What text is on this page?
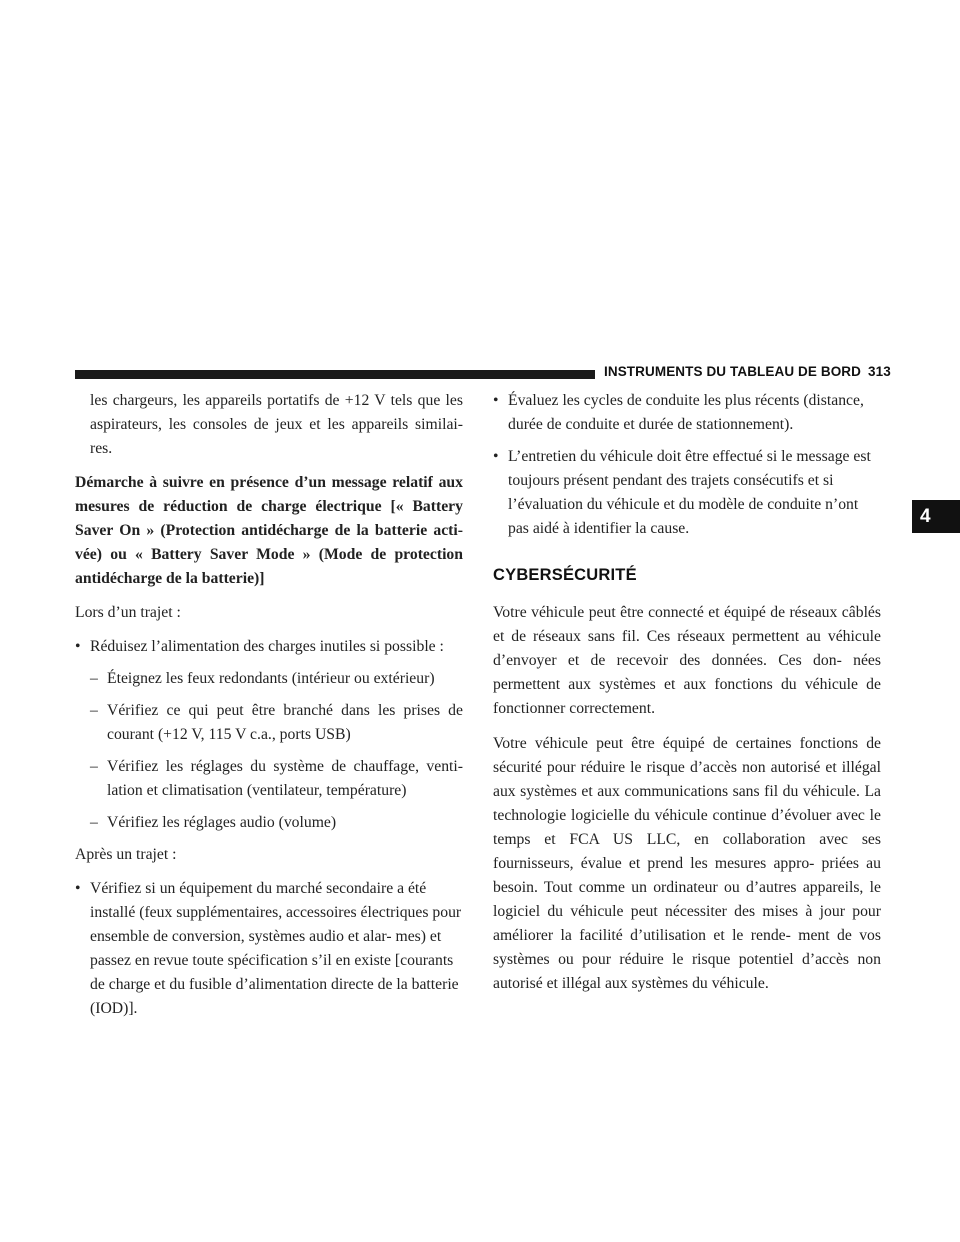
INSTRUMENTS DU TABLEAU DE BORD 313
4

les chargeurs, les appareils portatifs de +12 V tels que les aspirateurs, les consoles de jeux et les appareils similai- res.

Démarche à suivre en présence d’un message relatif aux mesures de réduction de charge électrique [« Battery Saver On » (Protection antidécharge de la batterie acti- vée) ou « Battery Saver Mode » (Mode de protection antidécharge de la batterie)]

Lors d’un trajet :

• Réduisez l’alimentation des charges inutiles si possible :

– Éteignez les feux redondants (intérieur ou extérieur)

– Vérifiez ce qui peut être branché dans les prises de courant (+12 V, 115 V c.a., ports USB)

– Vérifiez les réglages du système de chauffage, venti- lation et climatisation (ventilateur, température)

– Vérifiez les réglages audio (volume)

Après un trajet :

• Vérifiez si un équipement du marché secondaire a été installé (feux supplémentaires, accessoires électriques pour ensemble de conversion, systèmes audio et alar- mes) et passez en revue toute spécification s’il en existe [courants de charge et du fusible d’alimentation directe de la batterie (IOD)].
• Évaluez les cycles de conduite les plus récents (distance, durée de conduite et durée de stationnement).
• L’entretien du véhicule doit être effectué si le message est toujours présent pendant des trajets consécutifs et si l’évaluation du véhicule et du modèle de conduite n’ont pas aidé à identifier la cause.
CYBERSÉCURITÉ

Votre véhicule peut être connecté et équipé de réseaux câblés et de réseaux sans fil. Ces réseaux permettent au véhicule d’envoyer et de recevoir des données. Ces don- nées permettent aux systèmes et aux fonctions du véhicule de fonctionner correctement.

Votre véhicule peut être équipé de certaines fonctions de sécurité pour réduire le risque d’accès non autorisé et illégal aux systèmes et aux communications sans fil du véhicule. La technologie logicielle du véhicule continue d’évoluer avec le temps et FCA US LLC, en collaboration avec ses fournisseurs, évalue et prend les mesures appro- priées au besoin. Tout comme un ordinateur ou d’autres appareils, le logiciel du véhicule peut nécessiter des mises à jour pour améliorer la facilité d’utilisation et le rende- ment de vos systèmes ou pour réduire le risque potentiel d’accès non autorisé et illégal aux systèmes du véhicule.
